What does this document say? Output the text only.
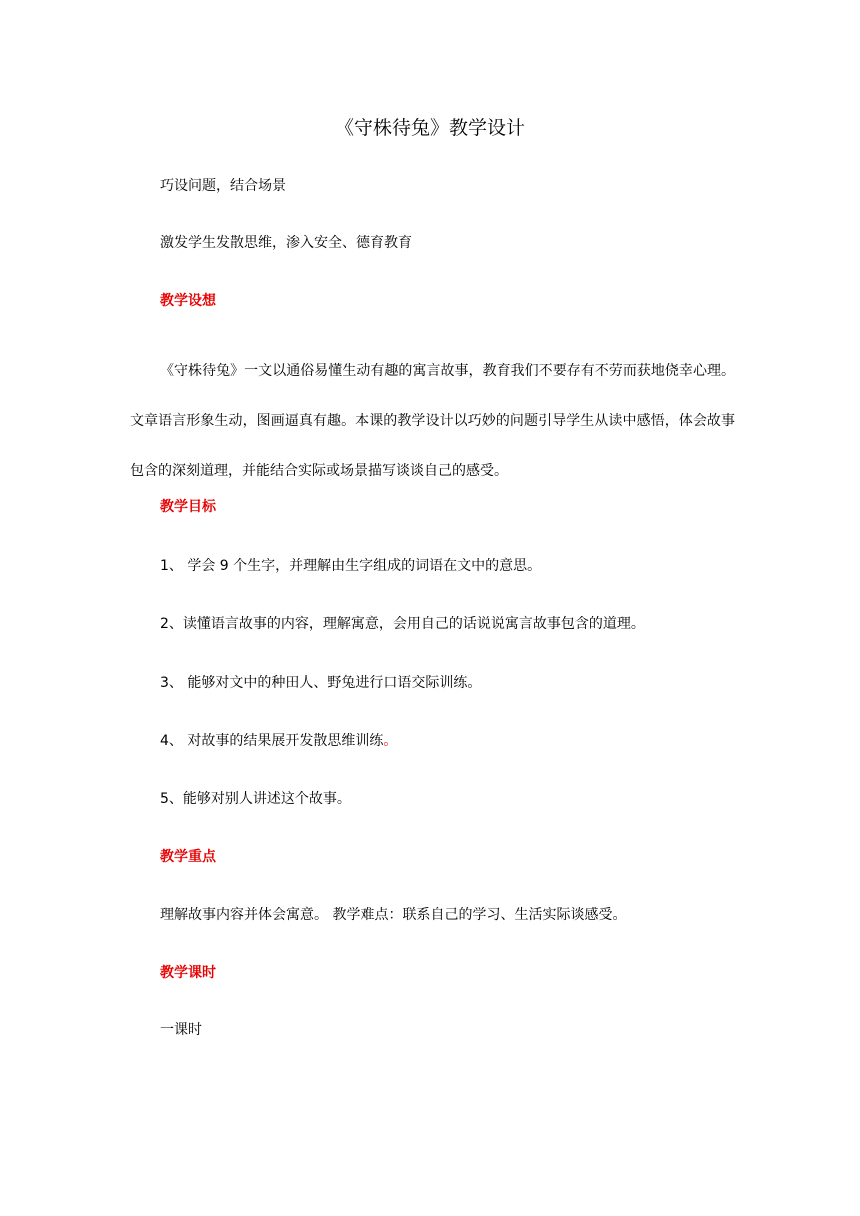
《守株待兔》教学设计
巧设问题，结合场景
激发学生发散思维，渗入安全、德育教育
教学设想
《守株待兔》一文以通俗易懂生动有趣的寓言故事，教育我们不要存有不劳而获地侥幸心理。文章语言形象生动，图画逼真有趣。本课的教学设计以巧妙的问题引导学生从读中感悟，体会故事包含的深刻道理，并能结合实际或场景描写谈谈自己的感受。
教学目标
1、 学会 9 个生字，并理解由生字组成的词语在文中的意思。
2、读懂语言故事的内容，理解寓意，会用自己的话说说寓言故事包含的道理。
3、 能够对文中的种田人、野兔进行口语交际训练。
4、 对故事的结果展开发散思维训练。
5、能够对别人讲述这个故事。
教学重点
理解故事内容并体会寓意。 教学难点：联系自己的学习、生活实际谈感受。
教学课时
一课时
